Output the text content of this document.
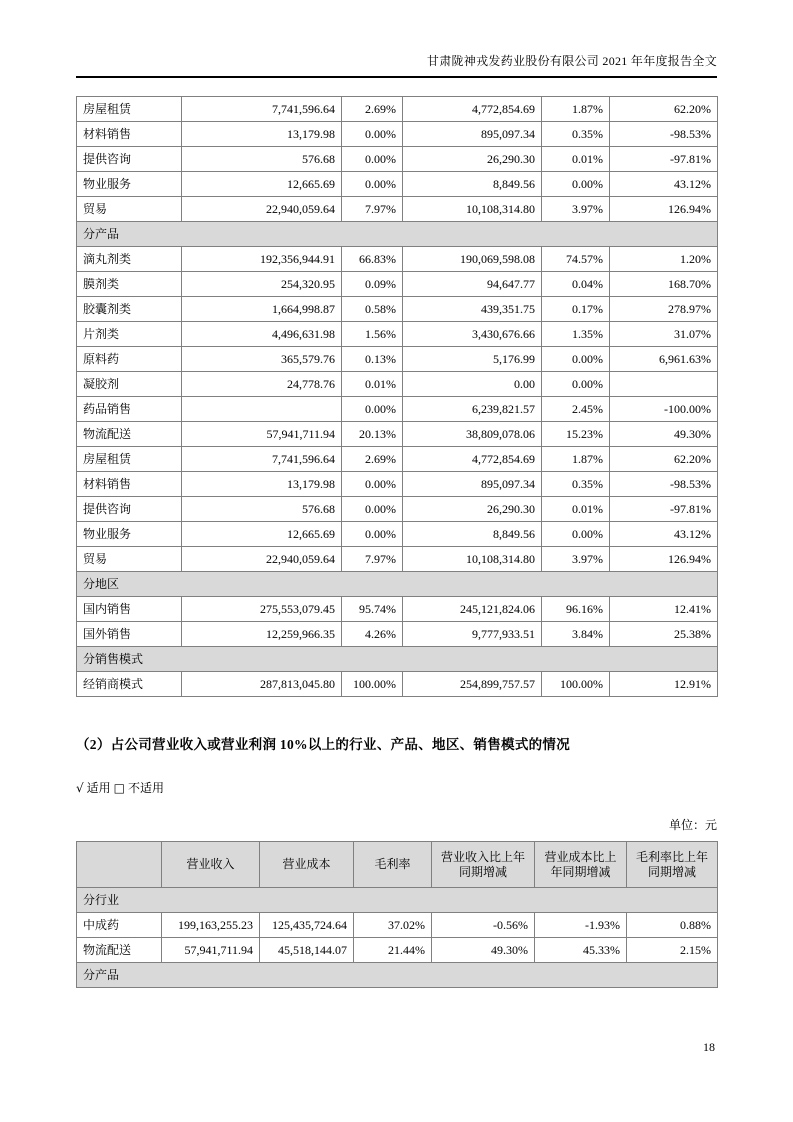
甘肃陇神戎发药业股份有限公司 2021 年年度报告全文
房屋租赁	7,741,596.64	2.69%	4,772,854.69	1.87%	62.20%
材料销售	13,179.98	0.00%	895,097.34	0.35%	-98.53%
提供咨询	576.68	0.00%	26,290.30	0.01%	-97.81%
物业服务	12,665.69	0.00%	8,849.56	0.00%	43.12%
贸易	22,940,059.64	7.97%	10,108,314.80	3.97%	126.94%
分产品					
滴丸剂类	192,356,944.91	66.83%	190,069,598.08	74.57%	1.20%
膜剂类	254,320.95	0.09%	94,647.77	0.04%	168.70%
胶囊剂类	1,664,998.87	0.58%	439,351.75	0.17%	278.97%
片剂类	4,496,631.98	1.56%	3,430,676.66	1.35%	31.07%
原料药	365,579.76	0.13%	5,176.99	0.00%	6,961.63%
凝胶剂	24,778.76	0.01%	0.00	0.00%	
药品销售		0.00%	6,239,821.57	2.45%	-100.00%
物流配送	57,941,711.94	20.13%	38,809,078.06	15.23%	49.30%
房屋租赁	7,741,596.64	2.69%	4,772,854.69	1.87%	62.20%
材料销售	13,179.98	0.00%	895,097.34	0.35%	-98.53%
提供咨询	576.68	0.00%	26,290.30	0.01%	-97.81%
物业服务	12,665.69	0.00%	8,849.56	0.00%	43.12%
贸易	22,940,059.64	7.97%	10,108,314.80	3.97%	126.94%
分地区					
国内销售	275,553,079.45	95.74%	245,121,824.06	96.16%	12.41%
国外销售	12,259,966.35	4.26%	9,777,933.51	3.84%	25.38%
分销售模式					
经销商模式	287,813,045.80	100.00%	254,899,757.57	100.00%	12.91%
（2）占公司营业收入或营业利润 10%以上的行业、产品、地区、销售模式的情况
√ 适用 □ 不适用
单位：元
	营业收入	营业成本	毛利率	营业收入比上年同期增减	营业成本比上年同期增减	毛利率比上年同期增减
分行业						
中成药	199,163,255.23	125,435,724.64	37.02%	-0.56%	-1.93%	0.88%
物流配送	57,941,711.94	45,518,144.07	21.44%	49.30%	45.33%	2.15%
分产品						
18
